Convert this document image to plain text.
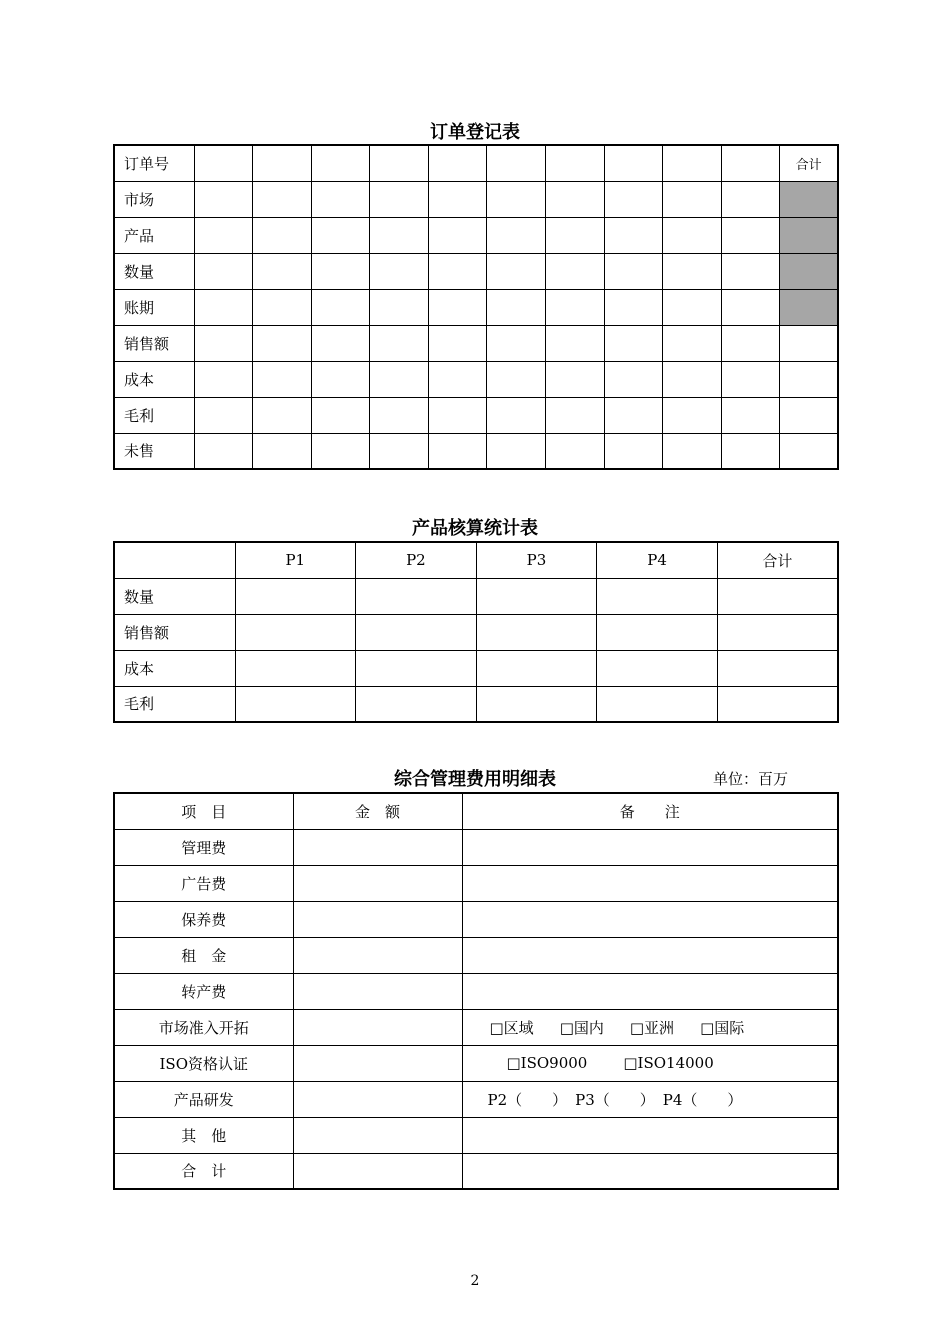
订单登记表
订单号											合计
市场											
产品											
数量											
账期											
销售额											
成本											
毛利											
未售											
产品核算统计表
	P1	P2	P3	P4	合计
数量					
销售额					
成本					
毛利					
综合管理费用明细表	单位：百万
项　目	金　额	备　　注
管理费		
广告费		
保养费		
租　金		
转产费		
市场准入开拓		□区域 □国内 □亚洲 □国际
ISO资格认证		□ISO9000 □ISO14000
产品研发		P2（　　） P3（　　） P4（　　）
其　他		
合　计		
2
